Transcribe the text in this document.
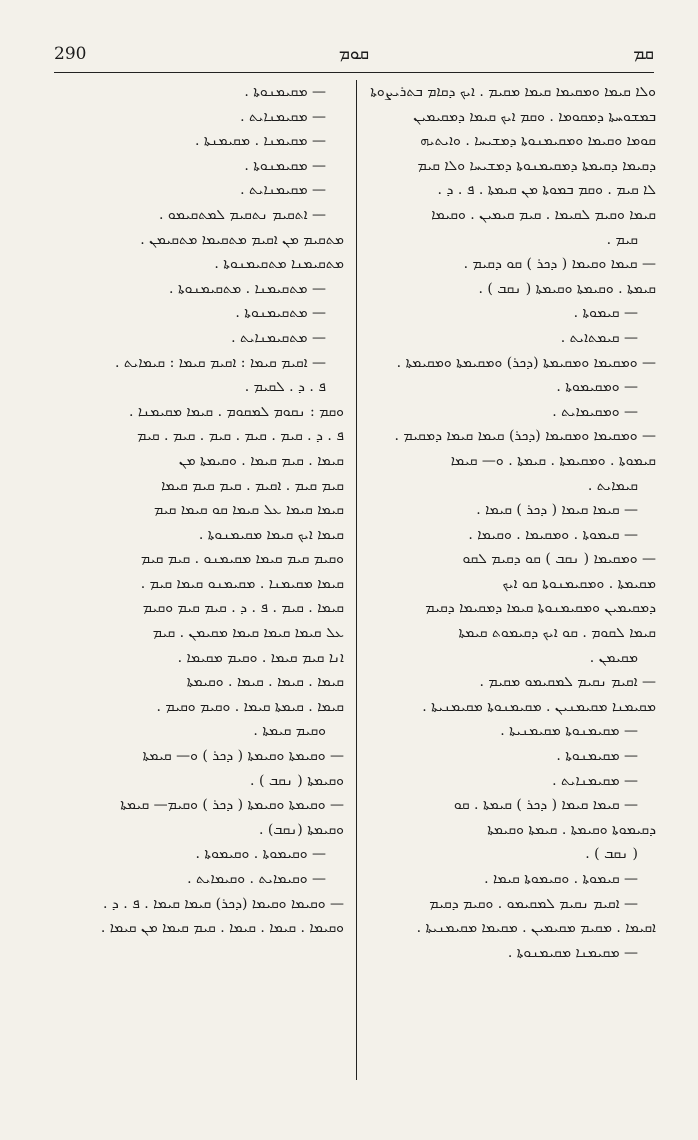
290	ܩܘܡ	ܩܡ
ܘܠܐ ܩܝܡܐ ܘܡܩܝܡܐ ܩܝܡܐ ܡܩܝܡ . ܐܝܟ ܕܩܐܡ ܒܬܪܝܨܘܬܐ
ܒܡܫܘܚܬܐ ܕܡܩܘܡܐ . ܘܩܡ ܐܝܟ ܩܝܡܐ ܕܡܩܝܡܝܢ
ܩܘܡܐ ܘܩܝܡܐ ܘܡܩܝܡܢܘܬܐ ܕܡܫܝܚܐ . ܘܐܝܬܝܗ
ܕܩܝܡܐ ܕܩܝܡܬܐ ܕܡܩܝܡܢܘܬܐ ܕܡܫܝܚܐ ܘܠܐ ܩܝܡ
ܠܐ ܩܝܡ . ܘܩܡ ܒܡܘܬܐ ܡܢ ܩܝܡܬܐ . ܦ . ܕ .
ܩܝܡܐ ܘܩܝܡ ܠܩܝܡܐ . ܩܝܡ ܩܝܡܝܢ . ܘܩܝܡܐ
ܩܝܡ .
— ܩܝܡܐ ܘܩܝܡܐ ( ܕܟܪ ) ܩܘ ܕܩܝܡ .
ܩܝܡܬܐ . ܘܩܝܡܬܐ ܘܩܝܡܬܐ ( ܢܩܒ ) .
— ܩܝܡܘܬܐ .
— ܩܝܡܬܐܝܬ .
— ܘܡܩܝܡܐ ܘܡܩܝܡܬܐ (ܕܟܪ) ܘܡܩܝܡܬܐ ܘܡܩܝܡܬܐ .
— ܘܡܩܝܡܘܬܐ .
— ܘܡܩܝܡܐܝܬ .
— ܘܡܩܝܡܐ ܘܡܩܝܡܐ (ܕܟܪ) ܩܝܡܐ ܩܝܡܐ ܕܡܩܝܡ .
ܩܝܡܘܬܐ . ܘܡܩܝܡܬܐ . ܩܝܡܬܐ . ܘ— ܩܝܡܐ
ܩܝܡܐܝܬ .
— ܩܝܡܐ ܩܝܡܐ ( ܕܟܪ ) ܩܝܡܐ .
— ܩܝܡܘܬܐ . ܘܡܩܝܡܐ . ܘܩܝܡܐ .
— ܘܡܩܝܡܐ ( ܢܩܒ ) ܩܘ ܕܩܝܡ ܠܩܘ
ܡܩܝܡܬܐ . ܘܡܩܝܡܢܘܬܐ ܩܘ ܐܝܟ
ܕܡܩܝܡܝܢ ܘܡܩܝܡܢܘܬܐ ܩܝܡܐ ܕܡܩܝܡܐ ܕܩܝܡ
ܩܝܡܐ ܠܩܘܡ . ܩܘ ܐܝܟ ܕܩܝܡܘܬ ܩܝܡܬܐ
ܡܩܝܡܢ .
— ܐܩܝܡ ܢܩܝܡ ܠܡܩܝܡܘ ܡܩܝܡ .
ܡܩܝܡܢܐ ܡܩܝܡܢܝܢ . ܡܩܝܡܢܘܬܐ ܡܩܝܡܢܝܬܐ .
— ܡܩܝܡܢܘܬܐ ܡܩܝܡܢܝܬܐ .
— ܡܩܝܡܢܘܬܐ .
— ܡܩܝܡܢܐܝܬ .
— ܩܝܡܐ ܩܝܡܐ ( ܕܟܪ ) ܩܝܡܬܐ . ܩܘ
ܕܩܝܡܘܬܐ ܘܩܝܡܬܐ . ܩܝܡܬܐ ܘܩܝܡܬܐ
( ܢܩܒ ) .
— ܩܝܡܘܬܐ . ܘܩܝܡܘܬܐ ܩܝܡܐ .
— ܐܩܝܡ ܢܩܝܡ ܠܡܩܝܡܘ . ܘܩܝܡ ܕܩܝܡ
ܐܩܝܡܐ . ܡܩܝܡ ܡܩܝܡܝܢ . ܡܩܝܡܐ ܡܩܝܡܢܝܬܐ .
— ܡܩܝܡܢܐ ܡܩܝܡܢܘܬܐ .
— ܡܩܝܡܢܘܬܐ .
— ܡܩܝܡܢܐܝܬ .
— ܡܩܝܡܢܐ . ܡܩܝܡܢܬܐ .
— ܡܩܝܡܢܘܬܐ .
— ܡܩܝܡܢܐܝܬ .
— ܐܬܩܝܡ ܢܬܩܝܡ ܠܡܬܩܝܡܘ .
ܡܬܩܝܡ ܡܢ ܐܩܝܡ ܡܬܩܝܡܐ ܡܬܩܝܡܢ .
ܡܬܩܝܡܢܐ ܡܬܩܝܡܢܘܬܐ .
— ܡܬܩܝܡܢܐ . ܡܬܩܝܡܢܘܬܐ .
— ܡܬܩܝܡܢܘܬܐ .
— ܡܬܩܝܡܢܐܝܬ .
— ܐܩܝܡ ܩܝܡܐ : ܐܩܝܡ ܩܝܡܐ : ܩܝܡܐܝܬ .
ܦ . ܕ . ܠܩܝܡ .
ܘܩܡ : ܢܩܘܡ ܠܡܩܘܡ . ܩܝܡܐ ܡܩܝܡܢܐ .
ܦ . ܕ . ܩܝܡ . ܩܝܡ . ܩܝܡ . ܩܝܡ . ܩܝܡ
ܩܝܡܐ . ܩܝܡ ܩܝܡܐ . ܘܩܝܡܬܐ ܡܢ
ܩܝܡ ܩܝܡ . ܐܩܝܡ . ܩܝܡ ܩܝܡ ܩܝܡܐ
ܩܝܡܐ ܩܝܡܐ ܥܠ ܩܝܡܐ ܩܘ ܩܝܡܐ ܩܝܡ
ܩܝܡܐ ܐܝܟ ܩܝܡܐ ܡܩܝܡܢܘܬܐ .
ܘܩܝܡ ܩܝܡ ܩܝܡܐ ܡܩܝܡܢܘ . ܩܝܡ ܩܝܡ
ܩܝܡܐ ܡܩܝܡܢܐ . ܡܩܝܡܢܘ ܩܝܡܐ ܩܝܡ .
ܩܝܡܐ . ܩܝܡ . ܦ . ܕ . ܩܝܡ ܩܝܡ ܘܩܝܡ
ܥܠ ܩܝܡܐ ܩܝܡܐ ܩܝܡܐ ܡܩܝܡܢ . ܩܝܡ
ܐܢܐ ܩܝܡ ܩܝܡܐ . ܘܩܝܡ ܡܩܝܡܐ .
ܩܝܡܐ . ܩܝܡܐ . ܩܝܡܐ . ܘܩܝܡܬܐ
ܩܝܡܐ . ܩܝܡܬܐ ܩܝܡܐ . ܘܩܝܡ ܘܩܝܡ .
ܘܩܝܡ ܩܝܡܬܐ .
— ܘܩܝܡܬܐ ܘܩܝܡܬܐ ( ܕܟܪ ) ܘ— ܩܝܡܬܐ
ܘܩܝܡܬܐ ( ܢܩܒ ) .
— ܘܩܝܡܬܐ ܘܩܝܡܬܐ ( ܕܟܪ ) ܘܩܝܡ— ܩܝܡܬܐ
ܘܩܝܡܬܐ (ܢܩܒ) .
— ܘܩܝܡܘܬܐ . ܘܩܝܡܘܬܐ .
— ܘܩܝܡܐܝܬ . ܘܩܝܡܐܝܬ .
— ܘܩܝܡܐ ܘܩܝܡܐ (ܕܟܪ) ܩܝܡܐ ܩܝܡܐ . ܦ . ܕ .
ܘܩܝܡܐ . ܩܝܡܐ . ܩܝܡܐ . ܩܝܡ ܩܝܡܐ ܡܢ ܩܝܡܐ .
